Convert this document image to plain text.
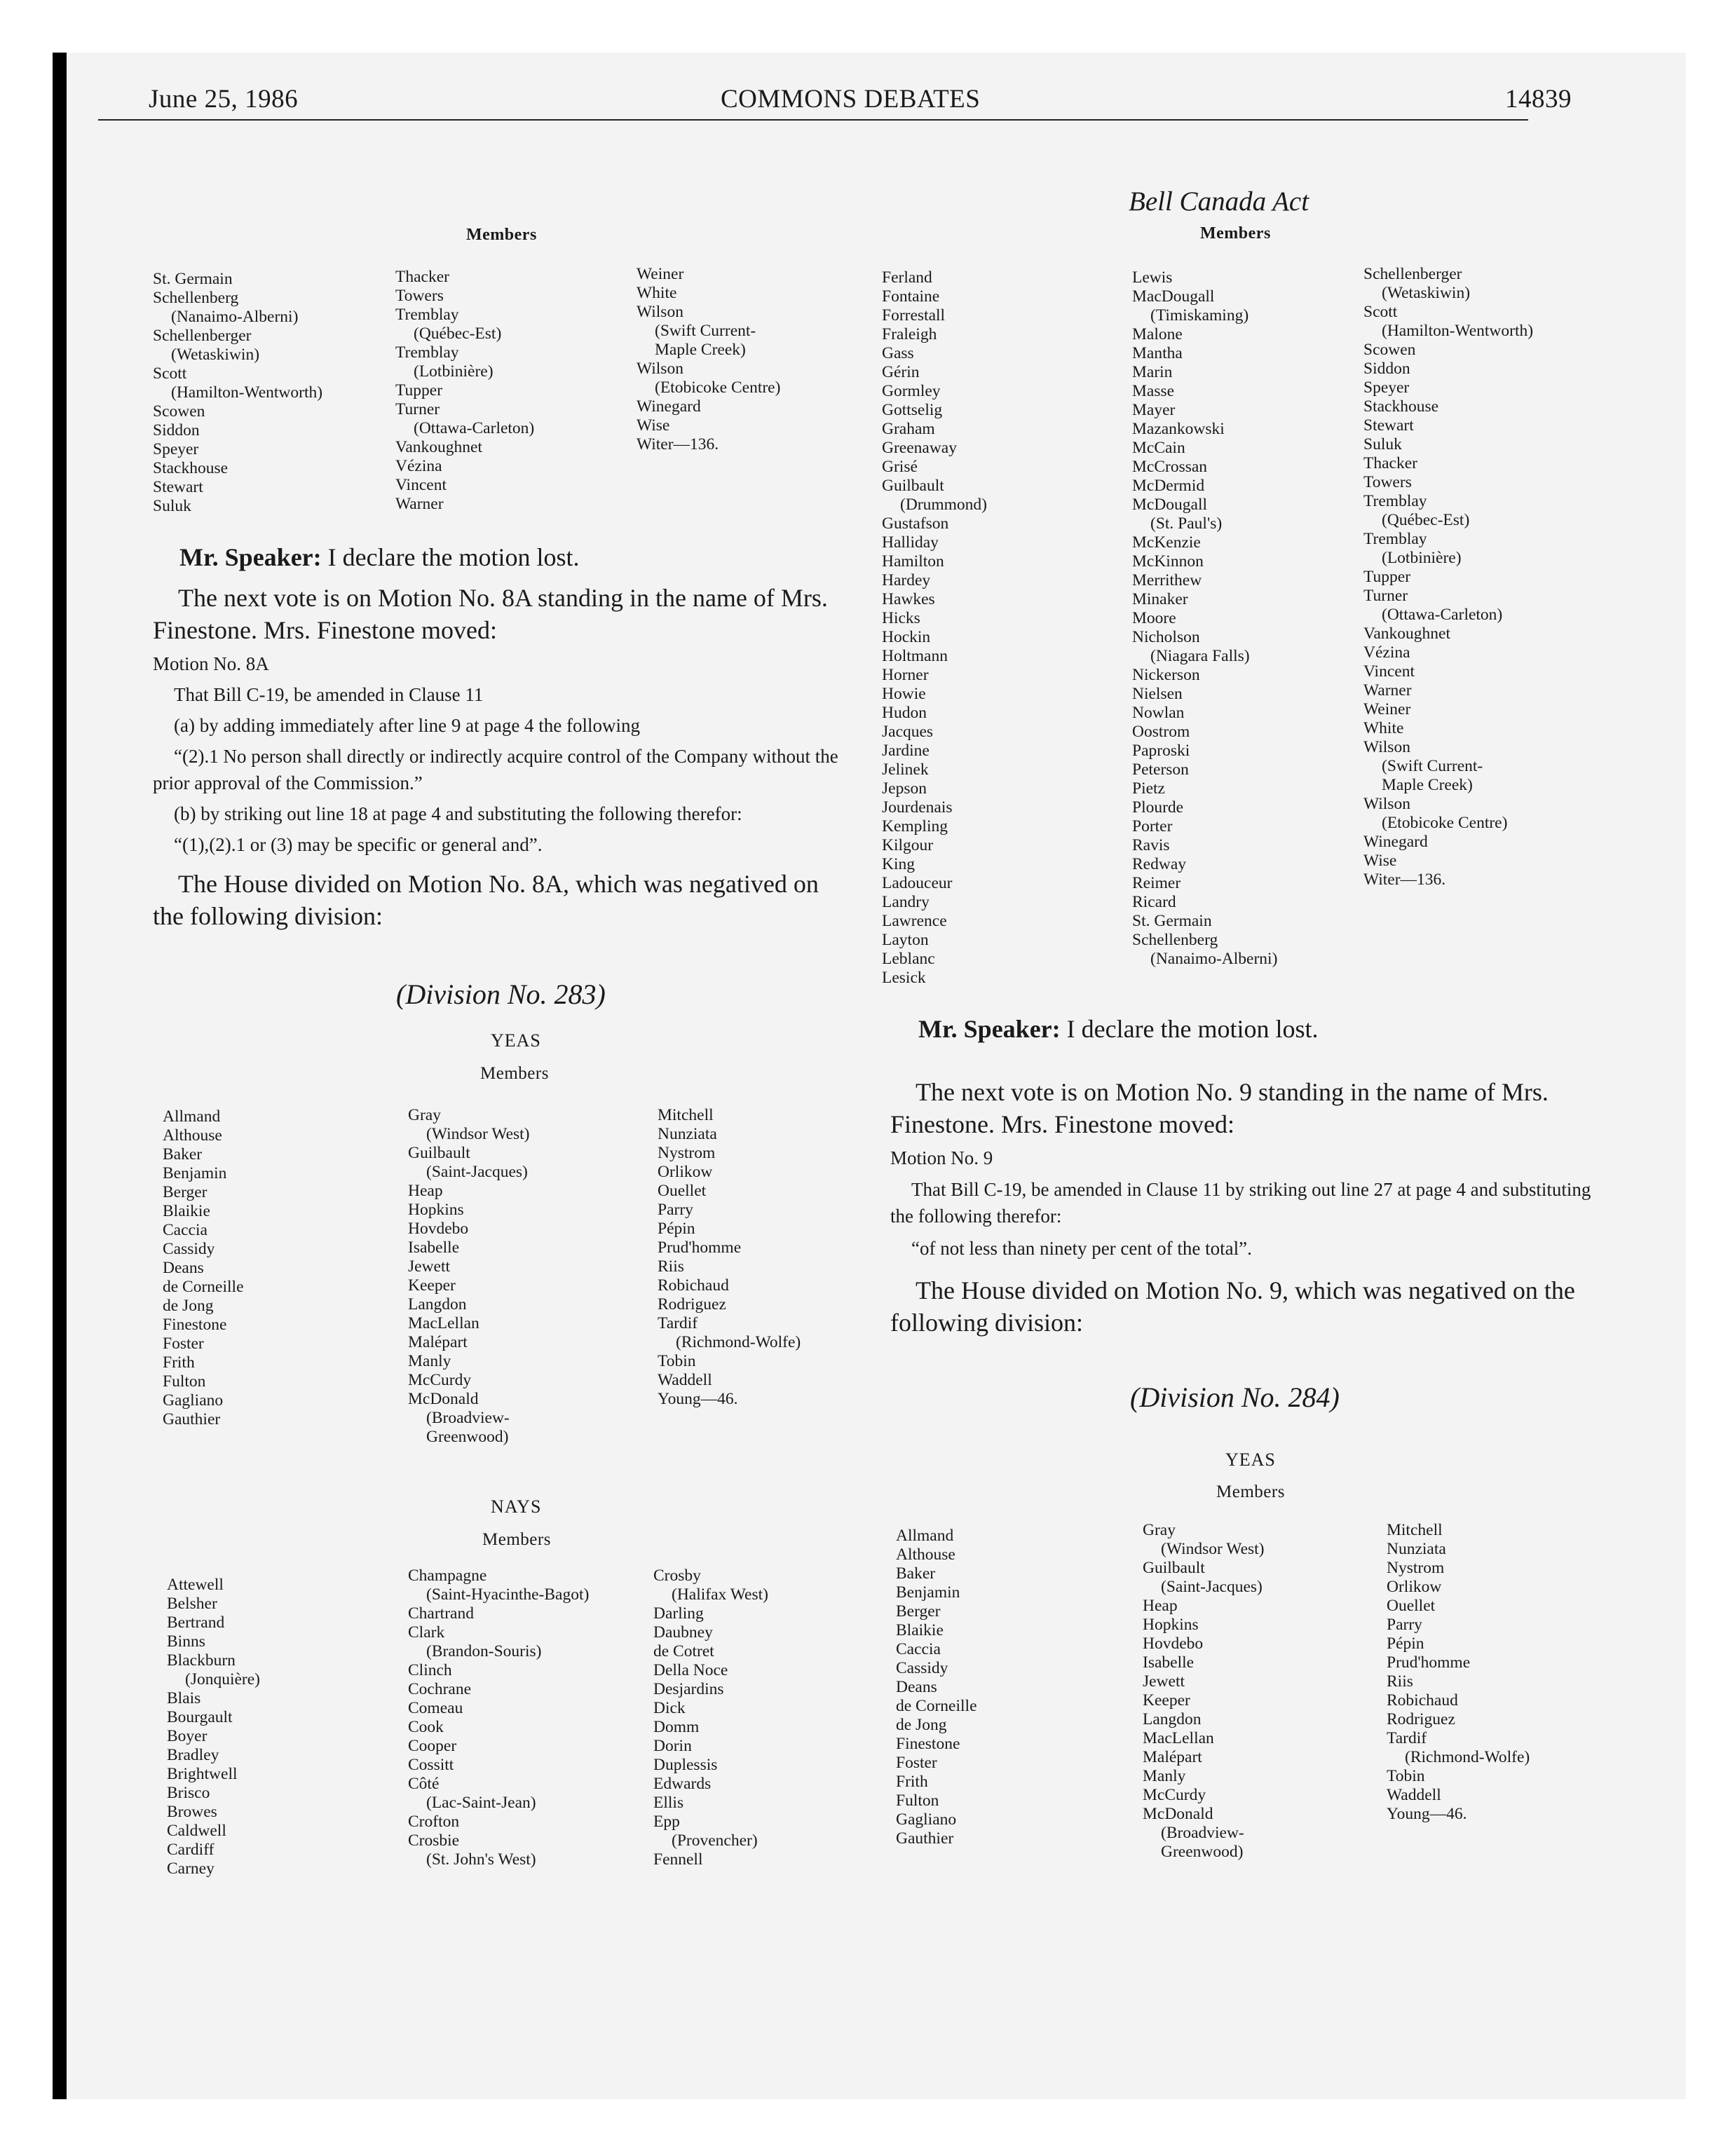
June 25, 1986	COMMONS DEBATES	14839
Bell Canada Act
Members
St. Germain
Schellenberg
(Nanaimo-Alberni)
Schellenberger
(Wetaskiwin)
Scott
(Hamilton-Wentworth)
Scowen
Siddon
Speyer
Stackhouse
Stewart
Suluk
Thacker
Towers
Tremblay
(Québec-Est)
Tremblay
(Lotbinière)
Tupper
Turner
(Ottawa-Carleton)
Vankoughnet
Vézina
Vincent
Warner
Weiner
White
Wilson
(Swift Current-
Maple Creek)
Wilson
(Etobicoke Centre)
Winegard
Wise
Witer—136.
Mr. Speaker: I declare the motion lost.
The next vote is on Motion No. 8A standing in the name of Mrs. Finestone. Mrs. Finestone moved:
Motion No. 8A
That Bill C-19, be amended in Clause 11
(a) by adding immediately after line 9 at page 4 the following
“(2).1 No person shall directly or indirectly acquire control of the Company without the prior approval of the Commission.”
(b) by striking out line 18 at page 4 and substituting the following therefor:
“(1),(2).1 or (3) may be specific or general and”.
The House divided on Motion No. 8A, which was negatived on the following division:
(Division No. 283)
YEAS
Members
Allmand
Althouse
Baker
Benjamin
Berger
Blaikie
Caccia
Cassidy
Deans
de Corneille
de Jong
Finestone
Foster
Frith
Fulton
Gagliano
Gauthier
Gray
(Windsor West)
Guilbault
(Saint-Jacques)
Heap
Hopkins
Hovdebo
Isabelle
Jewett
Keeper
Langdon
MacLellan
Malépart
Manly
McCurdy
McDonald
(Broadview-
Greenwood)
Mitchell
Nunziata
Nystrom
Orlikow
Ouellet
Parry
Pépin
Prud'homme
Riis
Robichaud
Rodriguez
Tardif
(Richmond-Wolfe)
Tobin
Waddell
Young—46.
NAYS
Members
Attewell
Belsher
Bertrand
Binns
Blackburn
(Jonquière)
Blais
Bourgault
Boyer
Bradley
Brightwell
Brisco
Browes
Caldwell
Cardiff
Carney
Champagne
(Saint-Hyacinthe-Bagot)
Chartrand
Clark
(Brandon-Souris)
Clinch
Cochrane
Comeau
Cook
Cooper
Cossitt
Côté
(Lac-Saint-Jean)
Crofton
Crosbie
(St. John's West)
Crosby
(Halifax West)
Darling
Daubney
de Cotret
Della Noce
Desjardins
Dick
Domm
Dorin
Duplessis
Edwards
Ellis
Epp
(Provencher)
Fennell
Members
Ferland
Fontaine
Forrestall
Fraleigh
Gass
Gérin
Gormley
Gottselig
Graham
Greenaway
Grisé
Guilbault
(Drummond)
Gustafson
Halliday
Hamilton
Hardey
Hawkes
Hicks
Hockin
Holtmann
Horner
Howie
Hudon
Jacques
Jardine
Jelinek
Jepson
Jourdenais
Kempling
Kilgour
King
Ladouceur
Landry
Lawrence
Layton
Leblanc
Lesick
Lewis
MacDougall
(Timiskaming)
Malone
Mantha
Marin
Masse
Mayer
Mazankowski
McCain
McCrossan
McDermid
McDougall
(St. Paul's)
McKenzie
McKinnon
Merrithew
Minaker
Moore
Nicholson
(Niagara Falls)
Nickerson
Nielsen
Nowlan
Oostrom
Paproski
Peterson
Pietz
Plourde
Porter
Ravis
Redway
Reimer
Ricard
St. Germain
Schellenberg
(Nanaimo-Alberni)
Schellenberger
(Wetaskiwin)
Scott
(Hamilton-Wentworth)
Scowen
Siddon
Speyer
Stackhouse
Stewart
Suluk
Thacker
Towers
Tremblay
(Québec-Est)
Tremblay
(Lotbinière)
Tupper
Turner
(Ottawa-Carleton)
Vankoughnet
Vézina
Vincent
Warner
Weiner
White
Wilson
(Swift Current-
Maple Creek)
Wilson
(Etobicoke Centre)
Winegard
Wise
Witer—136.
Mr. Speaker: I declare the motion lost.
The next vote is on Motion No. 9 standing in the name of Mrs. Finestone. Mrs. Finestone moved:
Motion No. 9
That Bill C-19, be amended in Clause 11 by striking out line 27 at page 4 and substituting the following therefor:
“of not less than ninety per cent of the total”.
The House divided on Motion No. 9, which was negatived on the following division:
(Division No. 284)
YEAS
Members
Allmand
Althouse
Baker
Benjamin
Berger
Blaikie
Caccia
Cassidy
Deans
de Corneille
de Jong
Finestone
Foster
Frith
Fulton
Gagliano
Gauthier
Gray
(Windsor West)
Guilbault
(Saint-Jacques)
Heap
Hopkins
Hovdebo
Isabelle
Jewett
Keeper
Langdon
MacLellan
Malépart
Manly
McCurdy
McDonald
(Broadview-
Greenwood)
Mitchell
Nunziata
Nystrom
Orlikow
Ouellet
Parry
Pépin
Prud'homme
Riis
Robichaud
Rodriguez
Tardif
(Richmond-Wolfe)
Tobin
Waddell
Young—46.
